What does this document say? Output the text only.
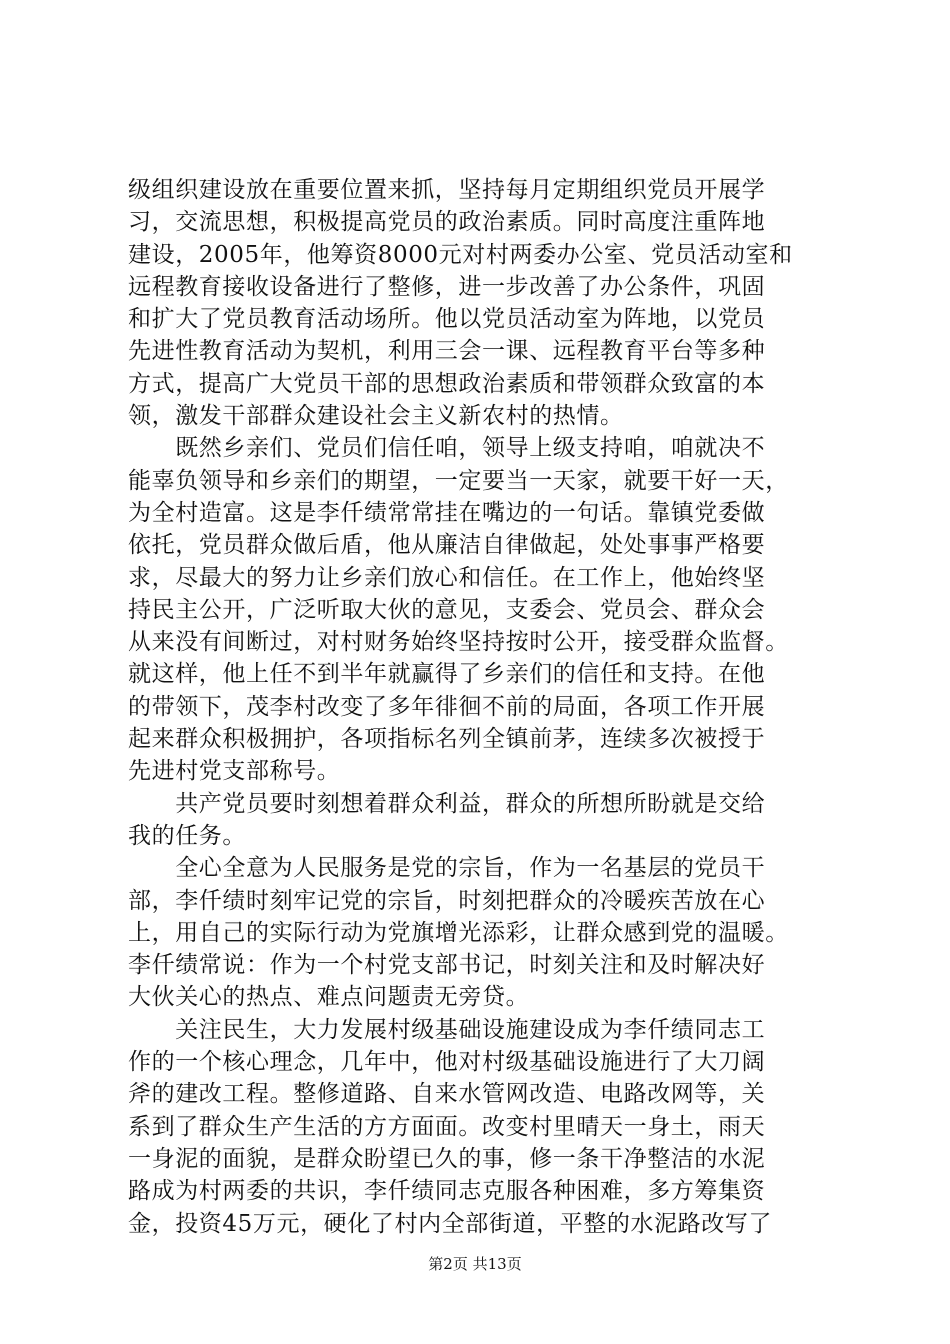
级组织建设放在重要位置来抓，坚持每月定期组织党员开展学
习，交流思想，积极提高党员的政治素质。同时高度注重阵地
建设，2005年，他筹资8000元对村两委办公室、党员活动室和
远程教育接收设备进行了整修，进一步改善了办公条件，巩固
和扩大了党员教育活动场所。他以党员活动室为阵地，以党员
先进性教育活动为契机，利用三会一课、远程教育平台等多种
方式，提高广大党员干部的思想政治素质和带领群众致富的本
领，激发干部群众建设社会主义新农村的热情。
　　既然乡亲们、党员们信任咱，领导上级支持咱，咱就决不
能辜负领导和乡亲们的期望，一定要当一天家，就要干好一天，
为全村造富。这是李仟绩常常挂在嘴边的一句话。靠镇党委做
依托，党员群众做后盾，他从廉洁自律做起，处处事事严格要
求，尽最大的努力让乡亲们放心和信任。在工作上，他始终坚
持民主公开，广泛听取大伙的意见，支委会、党员会、群众会
从来没有间断过，对村财务始终坚持按时公开，接受群众监督。
就这样，他上任不到半年就赢得了乡亲们的信任和支持。在他
的带领下，茂李村改变了多年徘徊不前的局面，各项工作开展
起来群众积极拥护，各项指标名列全镇前茅，连续多次被授于
先进村党支部称号。
　　共产党员要时刻想着群众利益，群众的所想所盼就是交给
我的任务。
　　全心全意为人民服务是党的宗旨，作为一名基层的党员干
部，李仟绩时刻牢记党的宗旨，时刻把群众的冷暖疾苦放在心
上，用自己的实际行动为党旗增光添彩，让群众感到党的温暖。
李仟绩常说：作为一个村党支部书记，时刻关注和及时解决好
大伙关心的热点、难点问题责无旁贷。
　　关注民生，大力发展村级基础设施建设成为李仟绩同志工
作的一个核心理念，几年中，他对村级基础设施进行了大刀阔
斧的建改工程。整修道路、自来水管网改造、电路改网等，关
系到了群众生产生活的方方面面。改变村里晴天一身土，雨天
一身泥的面貌，是群众盼望已久的事，修一条干净整洁的水泥
路成为村两委的共识，李仟绩同志克服各种困难，多方筹集资
金，投资45万元，硬化了村内全部街道，平整的水泥路改写了
第2页 共13页
